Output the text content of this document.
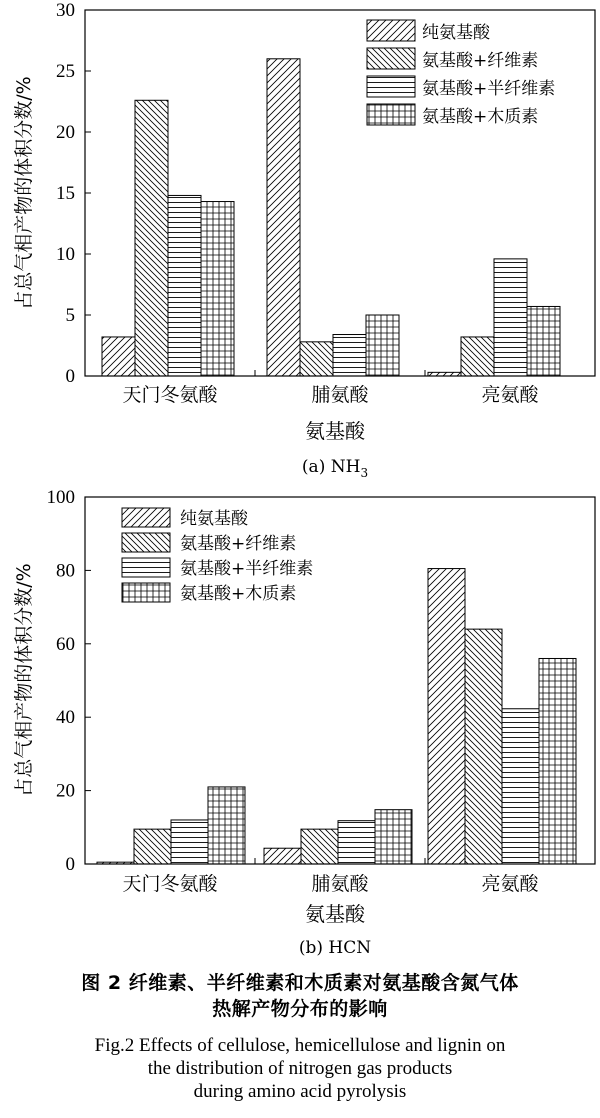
0
5
10
15
20
25
30
天门冬氨酸	脯氨酸	亮氨酸
占总气相产物的体积分数/%
氨基酸
(a) $NH_3$
纯氨基酸
氨基酸+纤维素
氨基酸+半纤维素
氨基酸+木质素
0
20
40
60
80
100
天门冬氨酸	脯氨酸	亮氨酸
占总气相产物的体积分数/%
氨基酸
(b) HCN
纯氨基酸
氨基酸+纤维素
氨基酸+半纤维素
氨基酸+木质素
图 2 纤维素、半纤维素和木质素对氨基酸含氮气体
热解产物分布的影响
Fig.2 Effects of cellulose, hemicellulose and lignin on
the distribution of nitrogen gas products
during amino acid pyrolysis
